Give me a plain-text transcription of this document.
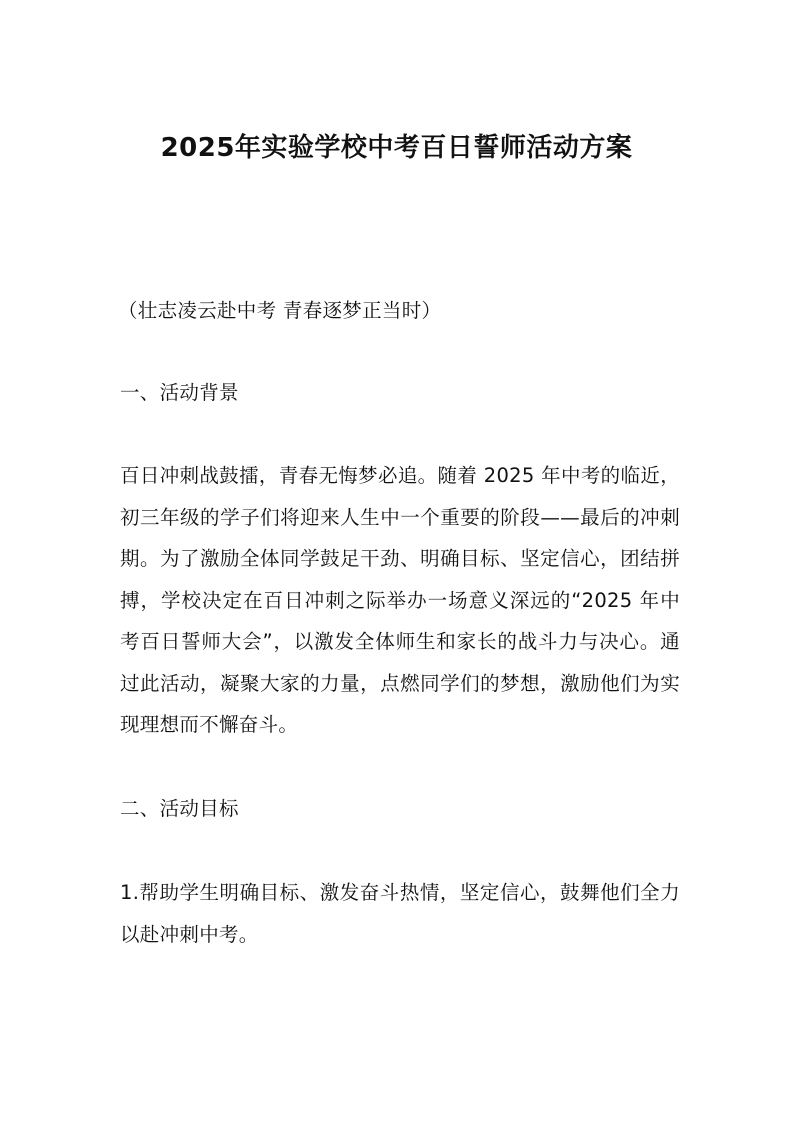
2025年实验学校中考百日誓师活动方案
（壮志凌云赴中考 青春逐梦正当时）
一、活动背景
百日冲刺战鼓擂，青春无悔梦必追。随着 2025 年中考的临近，初三年级的学子们将迎来人生中一个重要的阶段——最后的冲刺期。为了激励全体同学鼓足干劲、明确目标、坚定信心，团结拼搏，学校决定在百日冲刺之际举办一场意义深远的“2025 年中考百日誓师大会”，以激发全体师生和家长的战斗力与决心。通过此活动，凝聚大家的力量，点燃同学们的梦想，激励他们为实现理想而不懈奋斗。
二、活动目标
1.帮助学生明确目标、激发奋斗热情，坚定信心，鼓舞他们全力以赴冲刺中考。
